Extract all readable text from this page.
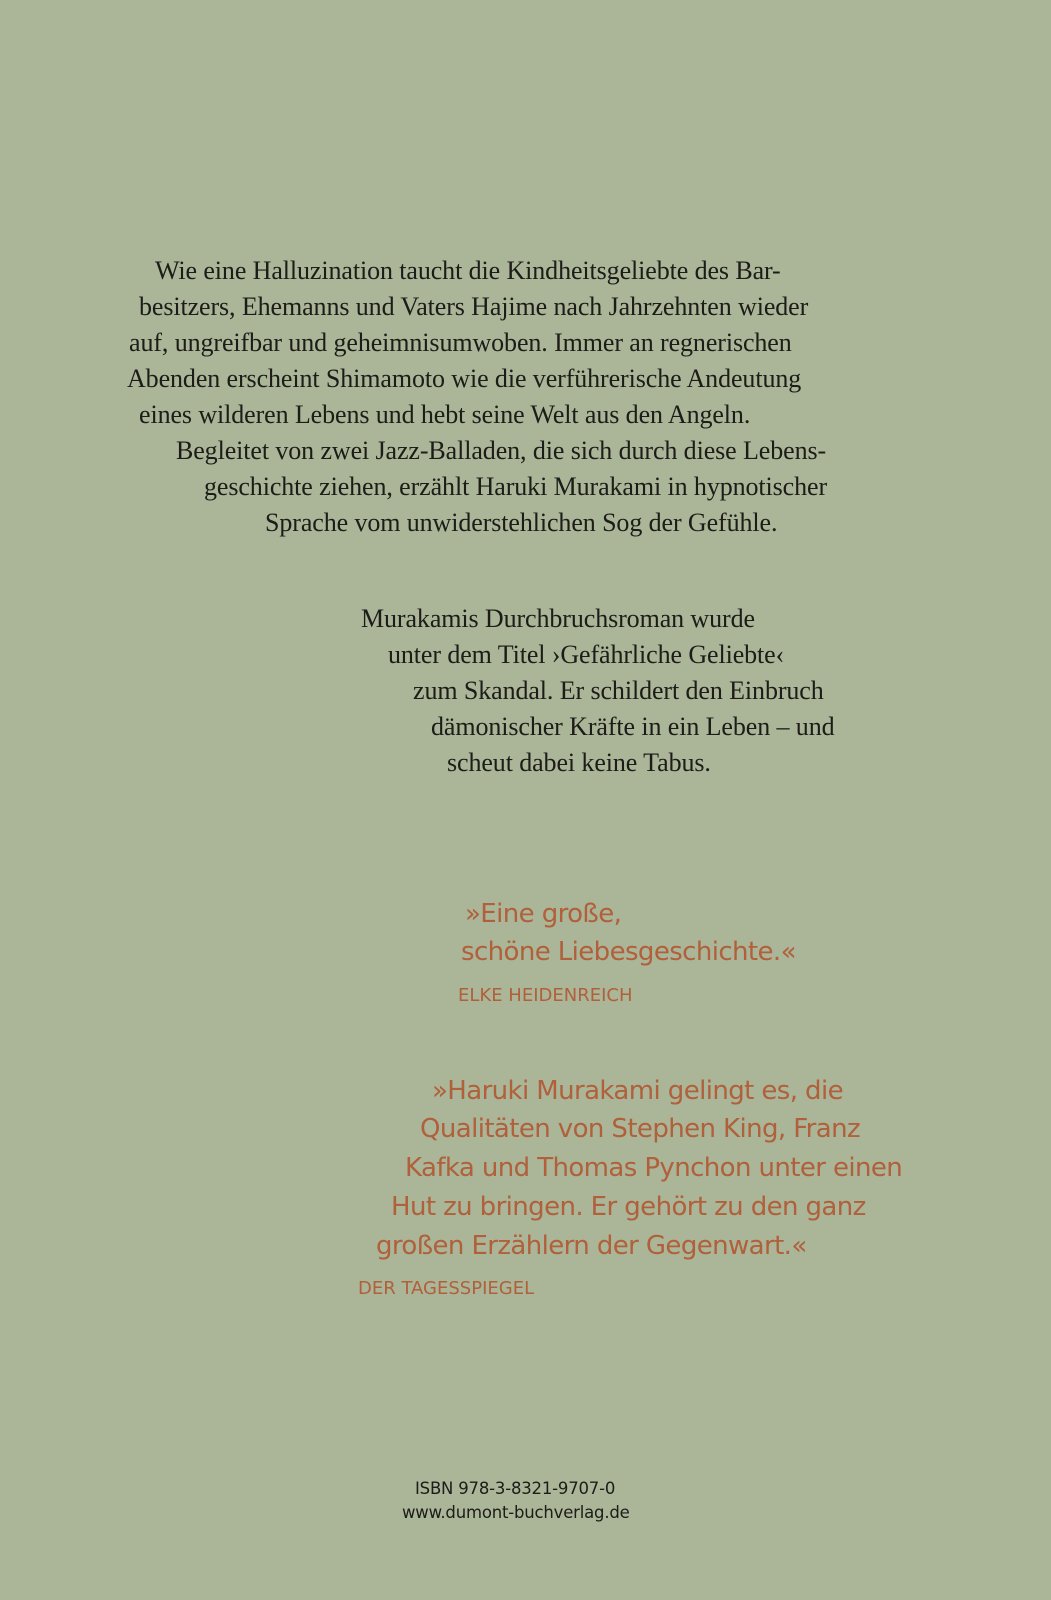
Wie eine Halluzination taucht die Kindheitsgeliebte des Bar-
besitzers, Ehemanns und Vaters Hajime nach Jahrzehnten wieder
auf, ungreifbar und geheimnisumwoben. Immer an regnerischen
Abenden erscheint Shimamoto wie die verführerische Andeutung
eines wilderen Lebens und hebt seine Welt aus den Angeln.
Begleitet von zwei Jazz-Balladen, die sich durch diese Lebens-
geschichte ziehen, erzählt Haruki Murakami in hypnotischer
Sprache vom unwiderstehlichen Sog der Gefühle.
Murakamis Durchbruchsroman wurde
unter dem Titel ›Gefährliche Geliebte‹
zum Skandal. Er schildert den Einbruch
dämonischer Kräfte in ein Leben – und
scheut dabei keine Tabus.
»Eine große,
schöne Liebesgeschichte.«
ELKE HEIDENREICH
»Haruki Murakami gelingt es, die
Qualitäten von Stephen King, Franz
Kafka und Thomas Pynchon unter einen
Hut zu bringen. Er gehört zu den ganz
großen Erzählern der Gegenwart.«
DER TAGESSPIEGEL
ISBN 978-3-8321-9707-0
www.dumont-buchverlag.de
